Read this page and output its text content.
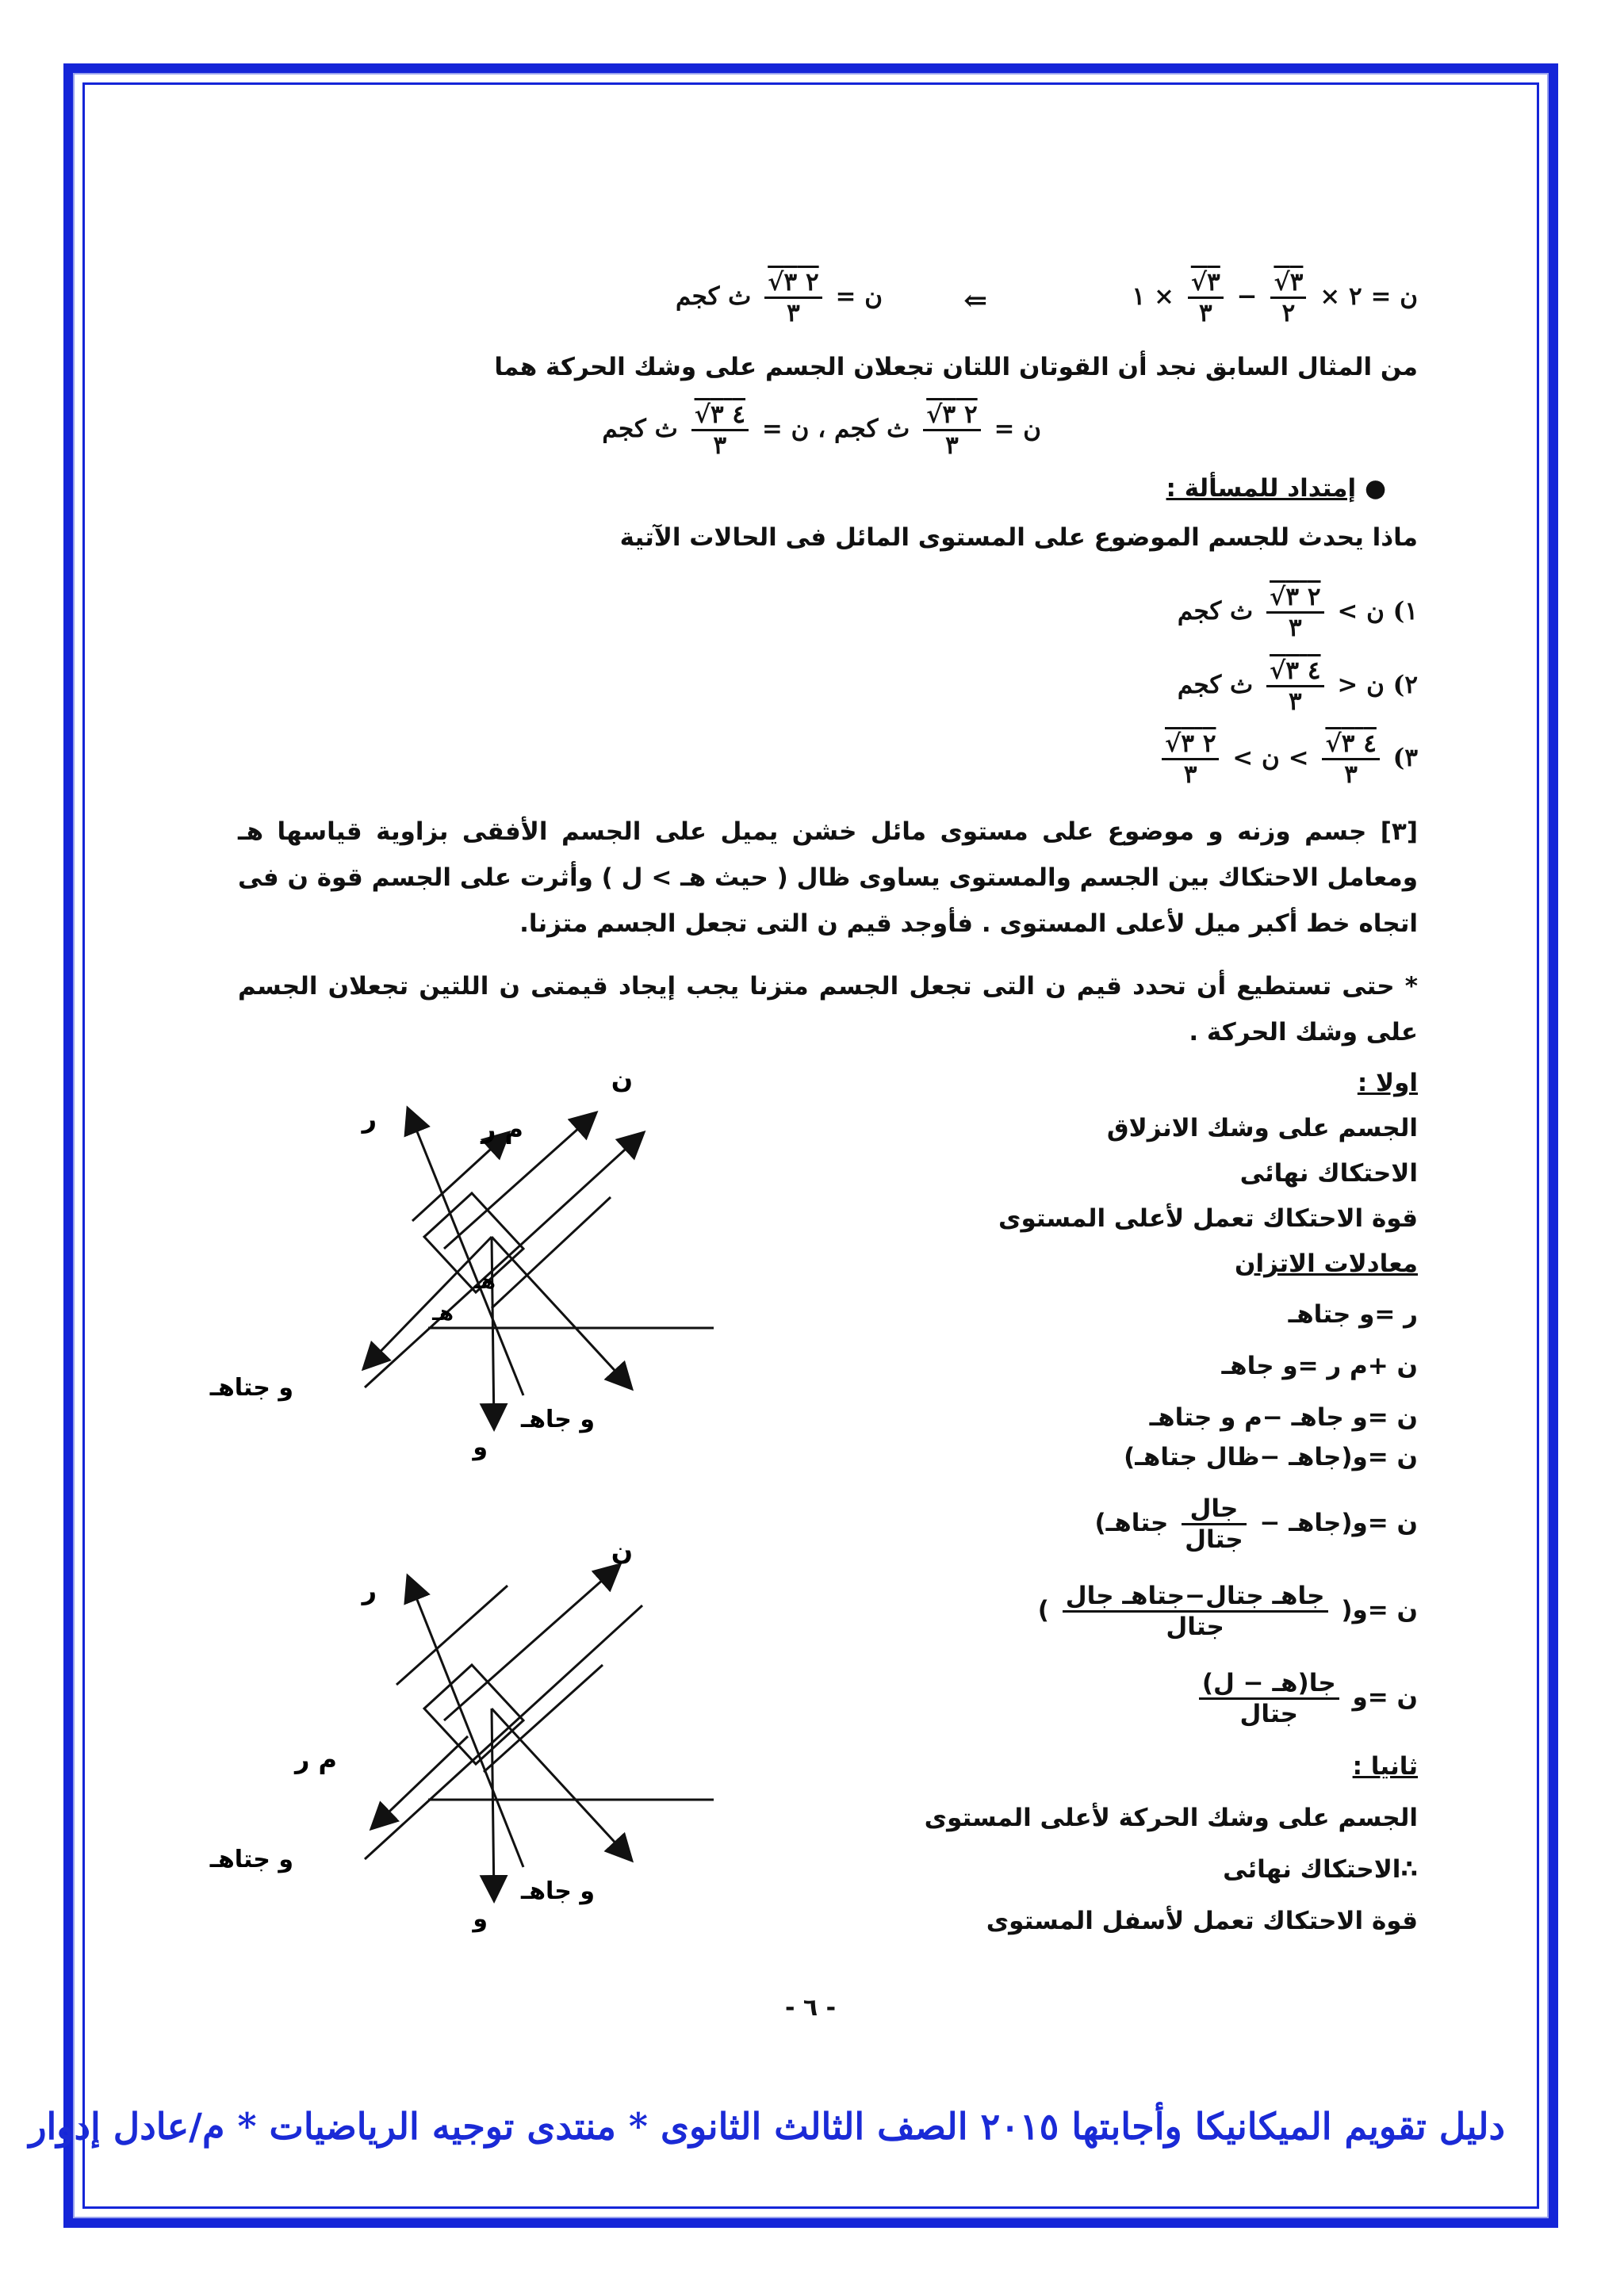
ن = ٢ ×
$\frac{٣√}{٢}$
−
$\frac{٣√}{٣}$
× ١
⇐
ن =
$\frac{٢ ٣√}{٣}$
ث كجم
من المثال السابق نجد أن القوتان اللتان تجعلان الجسم على وشك الحركة هما
ن =
$\frac{٢ ٣√}{٣}$
ث كجم ، ن =
$\frac{٤ ٣√}{٣}$
ث كجم
● إمتداد للمسألة :
ماذا يحدث للجسم الموضوع على المستوى المائل فى الحالات الآتية
١) ن >
$\frac{٢ ٣√}{٣}$
ث كجم
٢) ن <
$\frac{٤ ٣√}{٣}$
ث كجم
٣)
$\frac{٤ ٣√}{٣}$
> ن >
$\frac{٢ ٣√}{٣}$
[٣] جسم وزنه و موضوع على مستوى مائل خشن يميل على الجسم الأفقى بزاوية قياسها هـ ومعامل الاحتكاك بين الجسم والمستوى يساوى ظال ( حيث هـ > ل ) وأثرت على الجسم قوة ن فى اتجاه خط أكبر ميل لأعلى المستوى . فأوجد قيم ن التى تجعل الجسم متزنا.
* حتى تستطيع أن تحدد قيم ن التى تجعل الجسم متزنا يجب إيجاد قيمتى ن اللتين تجعلان الجسم على وشك الحركة .
اولا :
الجسم على وشك الانزلاق
الاحتكاك نهائى
قوة الاحتكاك تعمل لأعلى المستوى
معادلات الاتزان
ر =و جتاهـ
ن +م ر =و جاهـ
ن =و جاهـ −م و جتاهـ
ن =و(جاهـ −ظال جتاهـ)
ن =و(جاهـ −
$\frac{\text{جال}}{\text{جتال}}$
جتاهـ)
ن =و(
$\frac{\text{جاهـ جتال−جتاهـ جال}}{\text{جتال}}$
)
ن =و
$\frac{\text{جا(هـ − ل)}}{\text{جتال}}$
ثانيا :
الجسم على وشك الحركة لأعلى المستوى
∴الاحتكاك نهائى
قوة الاحتكاك تعمل لأسفل المستوى
ن
ر	م ر
هـ
هـ
و جتاهـ
و جاهـ
و
ن
ر
م ر
و جتاهـ
و جاهـ
و
- ٦ -
دليل تقويم الميكانيكا وأجابتها ٢٠١٥ الصف الثالث الثانوى * منتدى توجيه الرياضيات * م/عادل إدوار
